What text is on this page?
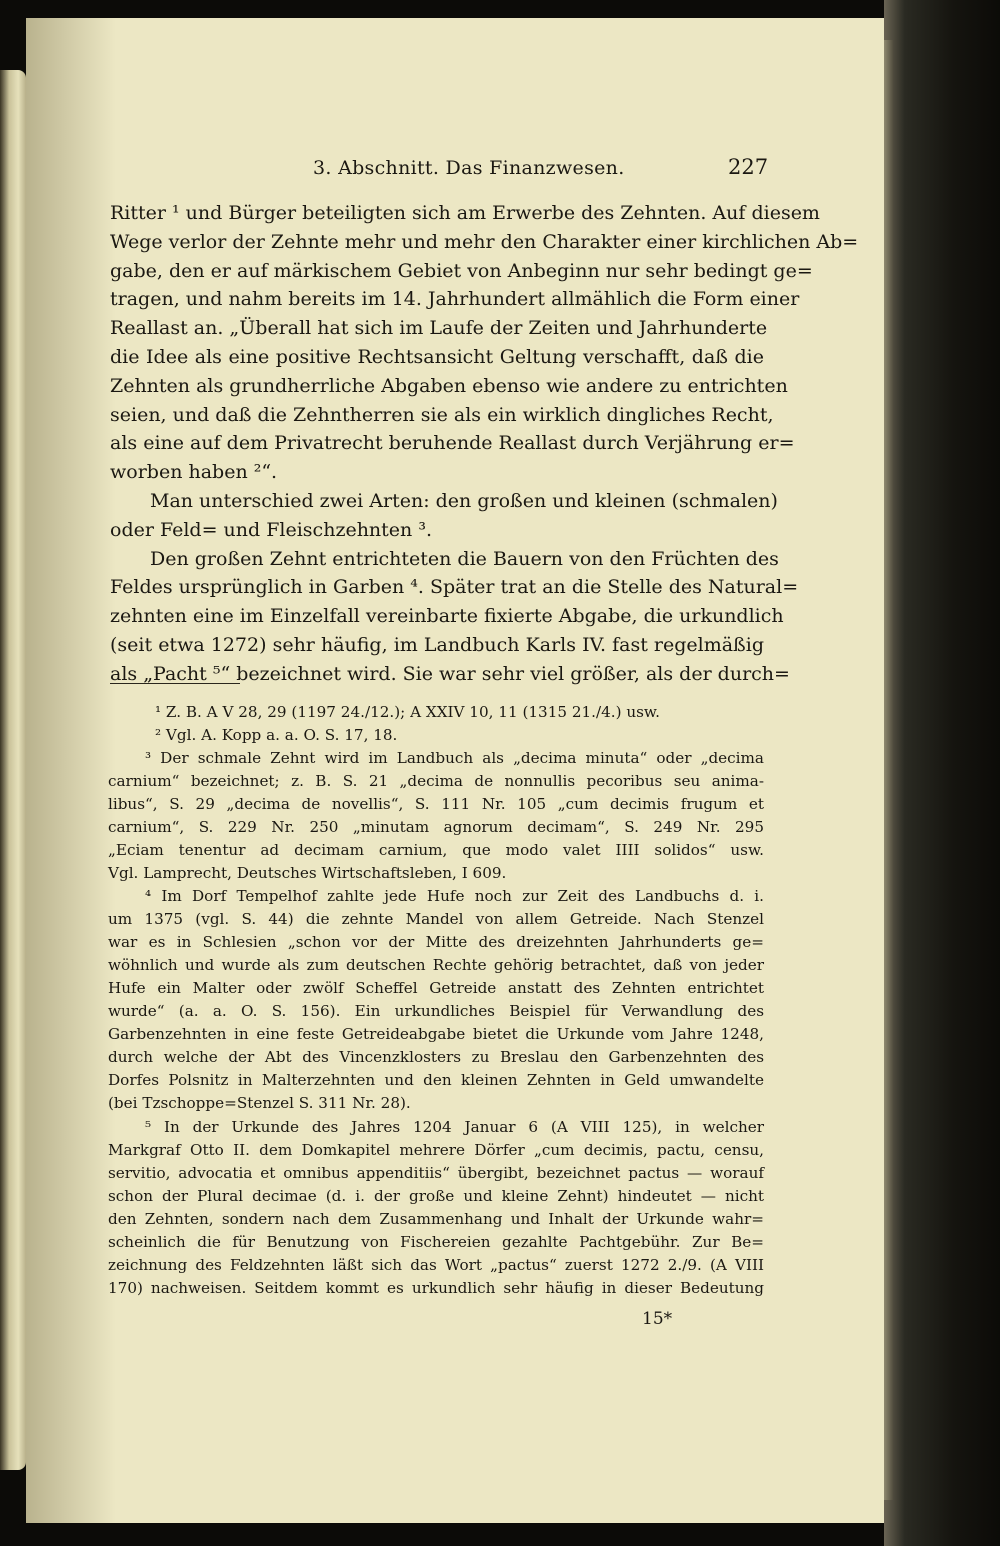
3. Abschnitt. Das Finanzwesen.	227
Ritter ¹ und Bürger beteiligten sich am Erwerbe des Zehnten. Auf diesem
Wege verlor der Zehnte mehr und mehr den Charakter einer kirchlichen Ab=
gabe, den er auf märkischem Gebiet von Anbeginn nur sehr bedingt ge=
tragen, und nahm bereits im 14. Jahrhundert allmählich die Form einer
Reallast an. „Überall hat sich im Laufe der Zeiten und Jahrhunderte
die Idee als eine positive Rechtsansicht Geltung verschafft, daß die
Zehnten als grundherrliche Abgaben ebenso wie andere zu entrichten
seien, und daß die Zehntherren sie als ein wirklich dingliches Recht,
als eine auf dem Privatrecht beruhende Reallast durch Verjährung er=
worben haben ²“.
Man unterschied zwei Arten: den großen und kleinen (schmalen)
oder Feld= und Fleischzehnten ³.
Den großen Zehnt entrichteten die Bauern von den Früchten des
Feldes ursprünglich in Garben ⁴. Später trat an die Stelle des Natural=
zehnten eine im Einzelfall vereinbarte fixierte Abgabe, die urkundlich
¹ Z. B. A V 28, 29 (1197 24./12.); A XXIV 10, 11 (1315 21./4.) usw.
² Vgl. A. Kopp a. a. O. S. 17, 18.
³ Der schmale Zehnt wird im Landbuch als „decima minuta“ oder „decima
carnium“ bezeichnet; z. B. S. 21 „decima de nonnullis pecoribus seu anima-
libus“, S. 29 „decima de novellis“, S. 111 Nr. 105 „cum decimis frugum et
carnium“, S. 229 Nr. 250 „minutam agnorum decimam“, S. 249 Nr. 295
„Eciam tenentur ad decimam carnium, que modo valet IIII solidos“ usw.
Vgl. Lamprecht, Deutsches Wirtschaftsleben, I 609.
⁴ Im Dorf Tempelhof zahlte jede Hufe noch zur Zeit des Landbuchs d. i.
um 1375 (vgl. S. 44) die zehnte Mandel von allem Getreide. Nach Stenzel
war es in Schlesien „schon vor der Mitte des dreizehnten Jahrhunderts ge=
wöhnlich und wurde als zum deutschen Rechte gehörig betrachtet, daß von jeder
Hufe ein Malter oder zwölf Scheffel Getreide anstatt des Zehnten entrichtet
wurde“ (a. a. O. S. 156). Ein urkundliches Beispiel für Verwandlung des
Garbenzehnten in eine feste Getreideabgabe bietet die Urkunde vom Jahre 1248,
durch welche der Abt des Vincenzklosters zu Breslau den Garbenzehnten des
Dorfes Polsnitz in Malterzehnten und den kleinen Zehnten in Geld umwandelte
(bei Tzschoppe=Stenzel S. 311 Nr. 28).
⁵ In der Urkunde des Jahres 1204 Januar 6 (A VIII 125), in welcher
Markgraf Otto II. dem Domkapitel mehrere Dörfer „cum decimis, pactu, censu,
servitio, advocatia et omnibus appenditiis“ übergibt, bezeichnet pactus — worauf
schon der Plural decimae (d. i. der große und kleine Zehnt) hindeutet — nicht
den Zehnten, sondern nach dem Zusammenhang und Inhalt der Urkunde wahr=
scheinlich die für Benutzung von Fischereien gezahlte Pachtgebühr. Zur Be=
zeichnung des Feldzehnten läßt sich das Wort „pactus“ zuerst 1272 2./9. (A VIII
170) nachweisen. Seitdem kommt es urkundlich sehr häufig in dieser Bedeutung
15*
(seit etwa 1272) sehr häufig, im Landbuch Karls IV. fast regelmäßig
als „Pacht ⁵“ bezeichnet wird. Sie war sehr viel größer, als der durch=
